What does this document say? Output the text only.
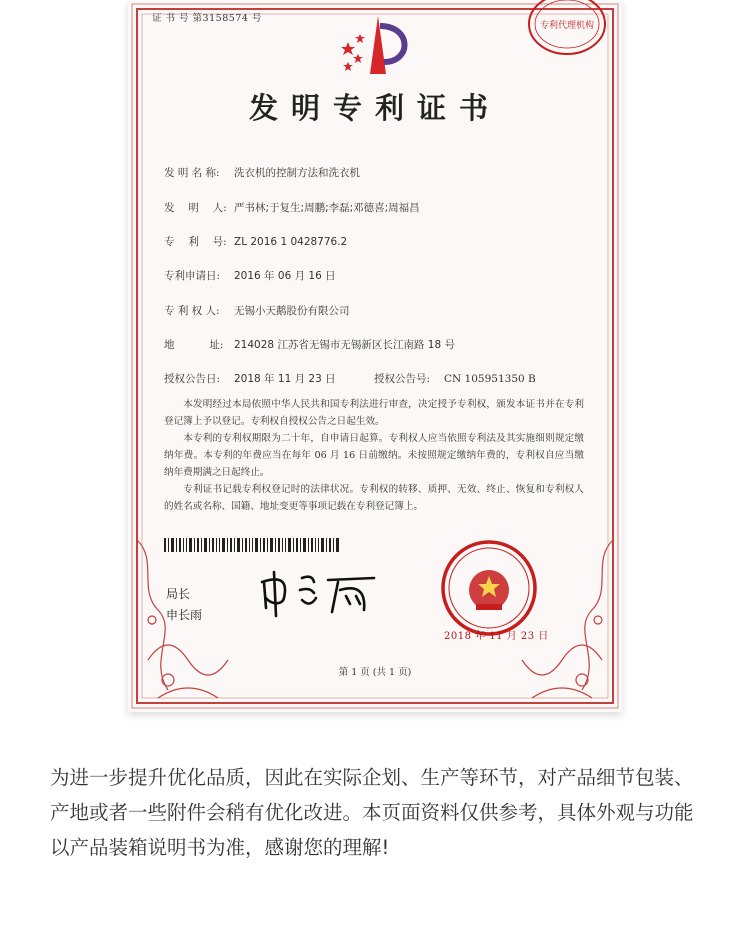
证 书 号 第3158574 号
专利代理机构
发明专利证书
发 明 名 称: 洗衣机的控制方法和洗衣机
发　 明　 人: 严书林;于复生;周鹏;李磊;邓德喜;周福昌
专　 利　 号: ZL 2016 1 0428776.2
专利申请日: 2016 年 06 月 16 日
专 利 权 人: 无锡小天鹅股份有限公司
地　　　 址: 214028 江苏省无锡市无锡新区长江南路 18 号
授权公告日: 2018 年 11 月 23 日	授权公告号: CN 105951350 B

本发明经过本局依照中华人民共和国专利法进行审查，决定授予专利权，颁发本证书并在专利登记簿上予以登记。专利权自授权公告之日起生效。

本专利的专利权期限为二十年，自申请日起算。专利权人应当依照专利法及其实施细则规定缴纳年费。本专利的年费应当在每年 06 月 16 日前缴纳。未按照规定缴纳年费的，专利权自应当缴纳年费期满之日起终止。

专利证书记载专利权登记时的法律状况。专利权的转移、质押、无效、终止、恢复和专利权人的姓名或名称、国籍、地址变更等事项记载在专利登记簿上。

局长
申长雨
2018 年 11 月 23 日
第 1 页 (共 1 页)

为进一步提升优化品质，因此在实际企划、生产等环节，对产品细节包装、产地或者一些附件会稍有优化改进。本页面资料仅供参考，具体外观与功能以产品装箱说明书为准，感谢您的理解!
